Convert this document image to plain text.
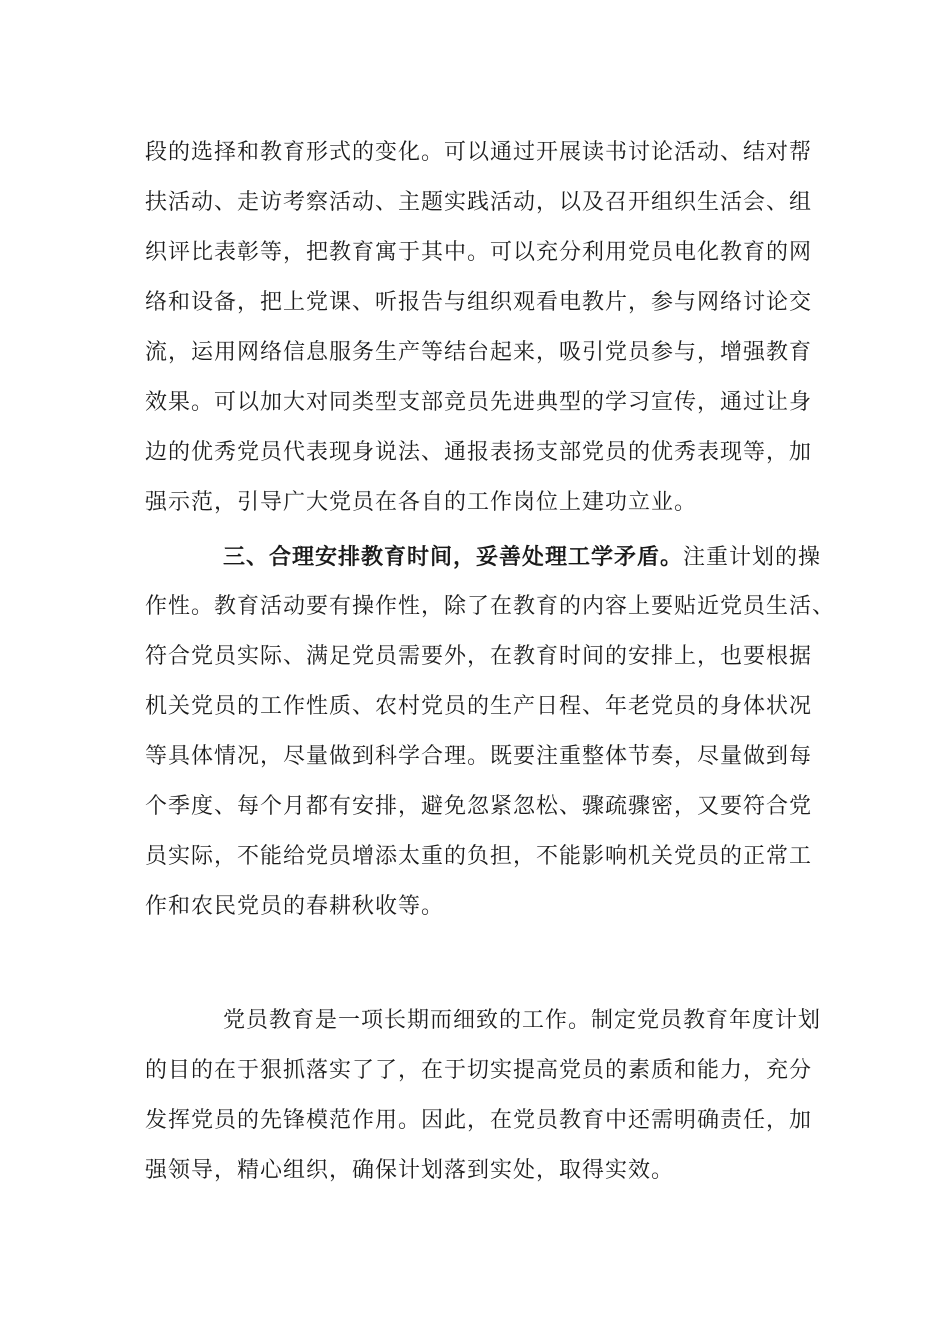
段的选择和教育形式的变化。可以通过开展读书讨论活动、结对帮
扶活动、走访考察活动、主题实践活动，以及召开组织生活会、组
织评比表彰等，把教育寓于其中。可以充分利用党员电化教育的网
络和设备，把上党课、听报告与组织观看电教片，参与网络讨论交
流，运用网络信息服务生产等结台起来，吸引党员参与，增强教育
效果。可以加大对同类型支部竞员先进典型的学习宣传，通过让身
边的优秀党员代表现身说法、通报表扬支部党员的优秀表现等，加
强示范，引导广大党员在各自的工作岗位上建功立业。
三、合理安排教育时间，妥善处理工学矛盾。注重计划的操
作性。教育活动要有操作性，除了在教育的内容上要贴近党员生活、
符合党员实际、满足党员需要外，在教育时间的安排上，也要根据
机关党员的工作性质、农村党员的生产日程、年老党员的身体状况
等具体情况，尽量做到科学合理。既要注重整体节奏，尽量做到每
个季度、每个月都有安排，避免忽紧忽松、骤疏骤密，又要符合党
员实际，不能给党员增添太重的负担，不能影响机关党员的正常工
作和农民党员的春耕秋收等。
党员教育是一项长期而细致的工作。制定党员教育年度计划
的目的在于狠抓落实了了，在于切实提高党员的素质和能力，充分
发挥党员的先锋模范作用。因此，在党员教育中还需明确责任，加
强领导，精心组织，确保计划落到实处，取得实效。
